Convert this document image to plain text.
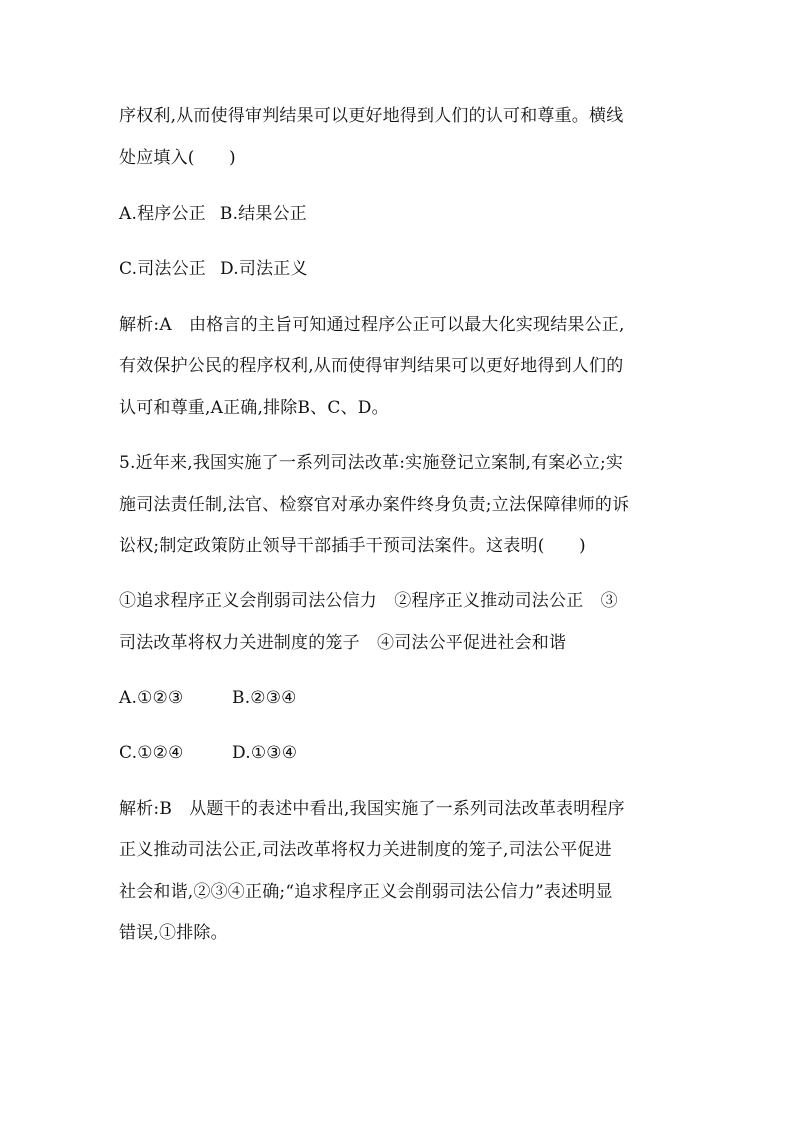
序权利,从而使得审判结果可以更好地得到人们的认可和尊重。横线
处应填入(　　)
A.程序公正 B.结果公正
C.司法公正 D.司法正义
解析:A　由格言的主旨可知通过程序公正可以最大化实现结果公正,
有效保护公民的程序权利,从而使得审判结果可以更好地得到人们的
认可和尊重,A正确,排除B、C、D。
5.近年来,我国实施了一系列司法改革:实施登记立案制,有案必立;实
施司法责任制,法官、检察官对承办案件终身负责;立法保障律师的诉
讼权;制定政策防止领导干部插手干预司法案件。这表明(　　)
①追求程序正义会削弱司法公信力　②程序正义推动司法公正　③
司法改革将权力关进制度的笼子　④司法公平促进社会和谐
A.①②③	B.②③④
C.①②④	D.①③④
解析:B　从题干的表述中看出,我国实施了一系列司法改革表明程序
正义推动司法公正,司法改革将权力关进制度的笼子,司法公平促进
社会和谐,②③④正确;“追求程序正义会削弱司法公信力”表述明显
错误,①排除。
